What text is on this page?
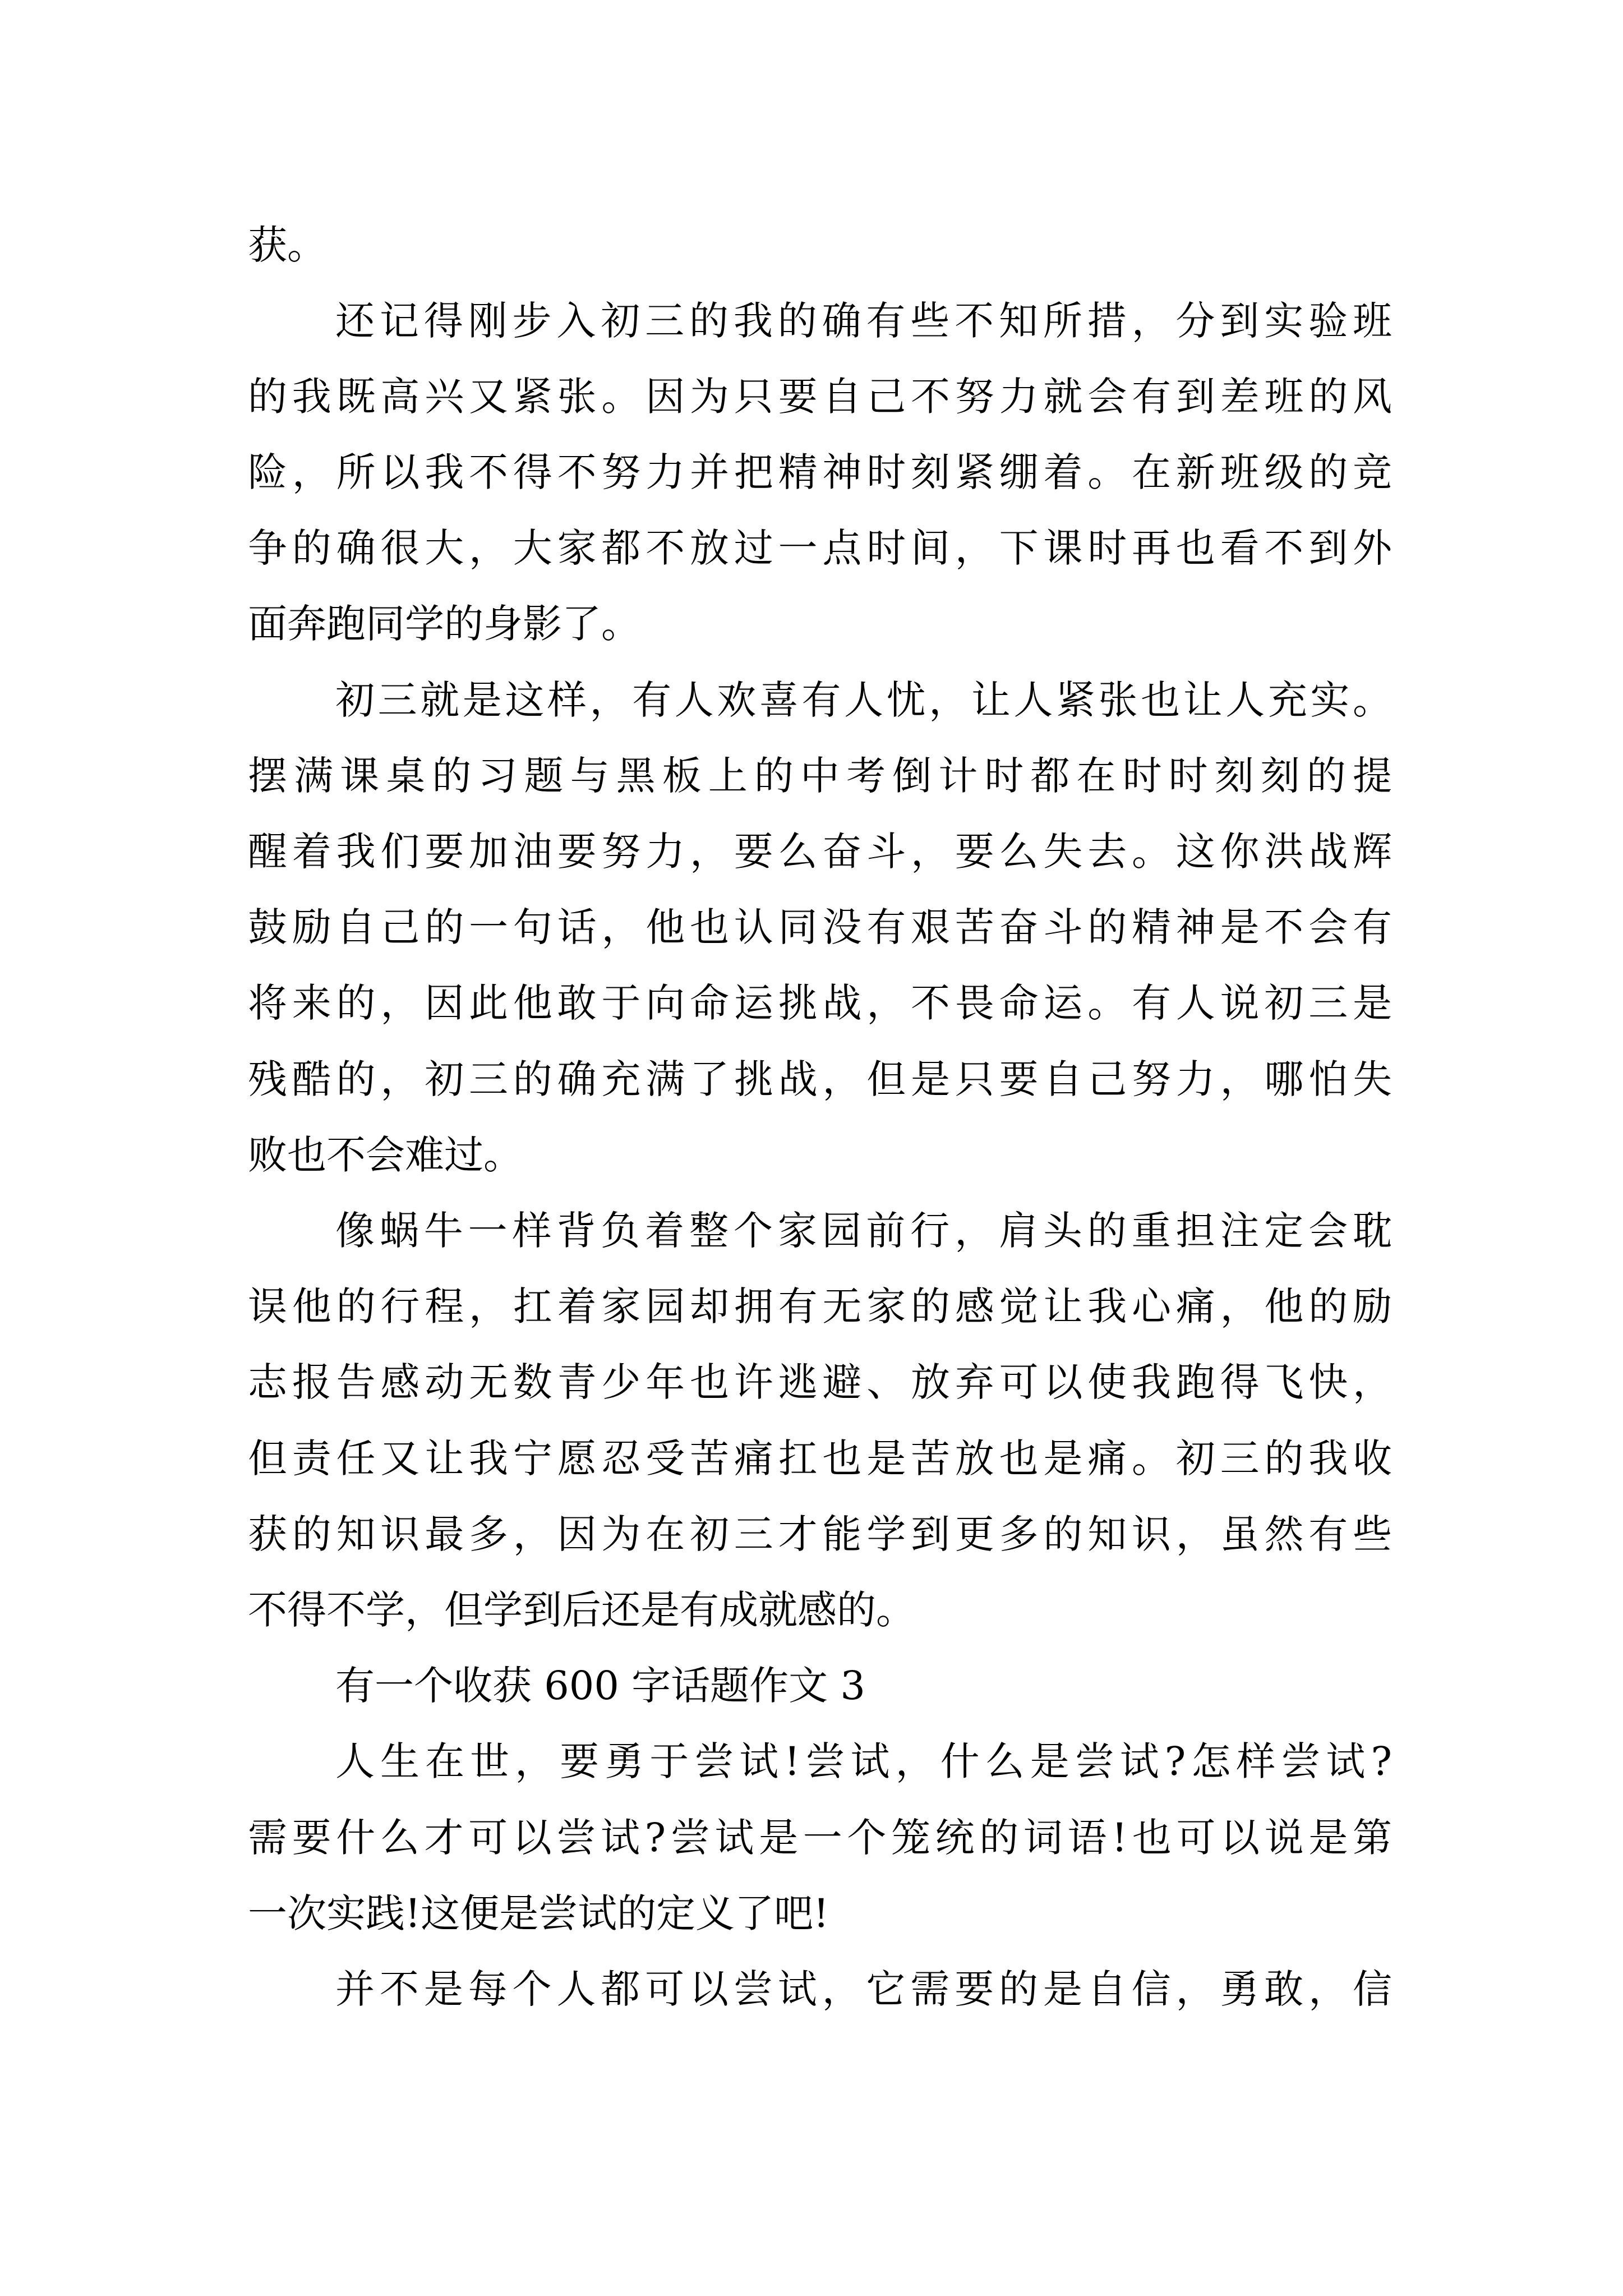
获。
还记得刚步入初三的我的确有些不知所措，分到实验班
的我既高兴又紧张。因为只要自己不努力就会有到差班的风
险，所以我不得不努力并把精神时刻紧绷着。在新班级的竞
争的确很大，大家都不放过一点时间，下课时再也看不到外
面奔跑同学的身影了。
初三就是这样，有人欢喜有人忧，让人紧张也让人充实。
摆满课桌的习题与黑板上的中考倒计时都在时时刻刻的提
醒着我们要加油要努力，要么奋斗，要么失去。这你洪战辉
鼓励自己的一句话，他也认同没有艰苦奋斗的精神是不会有
将来的，因此他敢于向命运挑战，不畏命运。有人说初三是
残酷的，初三的确充满了挑战，但是只要自己努力，哪怕失
败也不会难过。
像蜗牛一样背负着整个家园前行，肩头的重担注定会耽
误他的行程，扛着家园却拥有无家的感觉让我心痛，他的励
志报告感动无数青少年也许逃避、放弃可以使我跑得飞快，
但责任又让我宁愿忍受苦痛扛也是苦放也是痛。初三的我收
获的知识最多，因为在初三才能学到更多的知识，虽然有些
不得不学，但学到后还是有成就感的。
有一个收获 600 字话题作文 3
人生在世，要勇于尝试!尝试，什么是尝试?怎样尝试?
需要什么才可以尝试?尝试是一个笼统的词语!也可以说是第
一次实践!这便是尝试的定义了吧!
并不是每个人都可以尝试，它需要的是自信，勇敢，信
